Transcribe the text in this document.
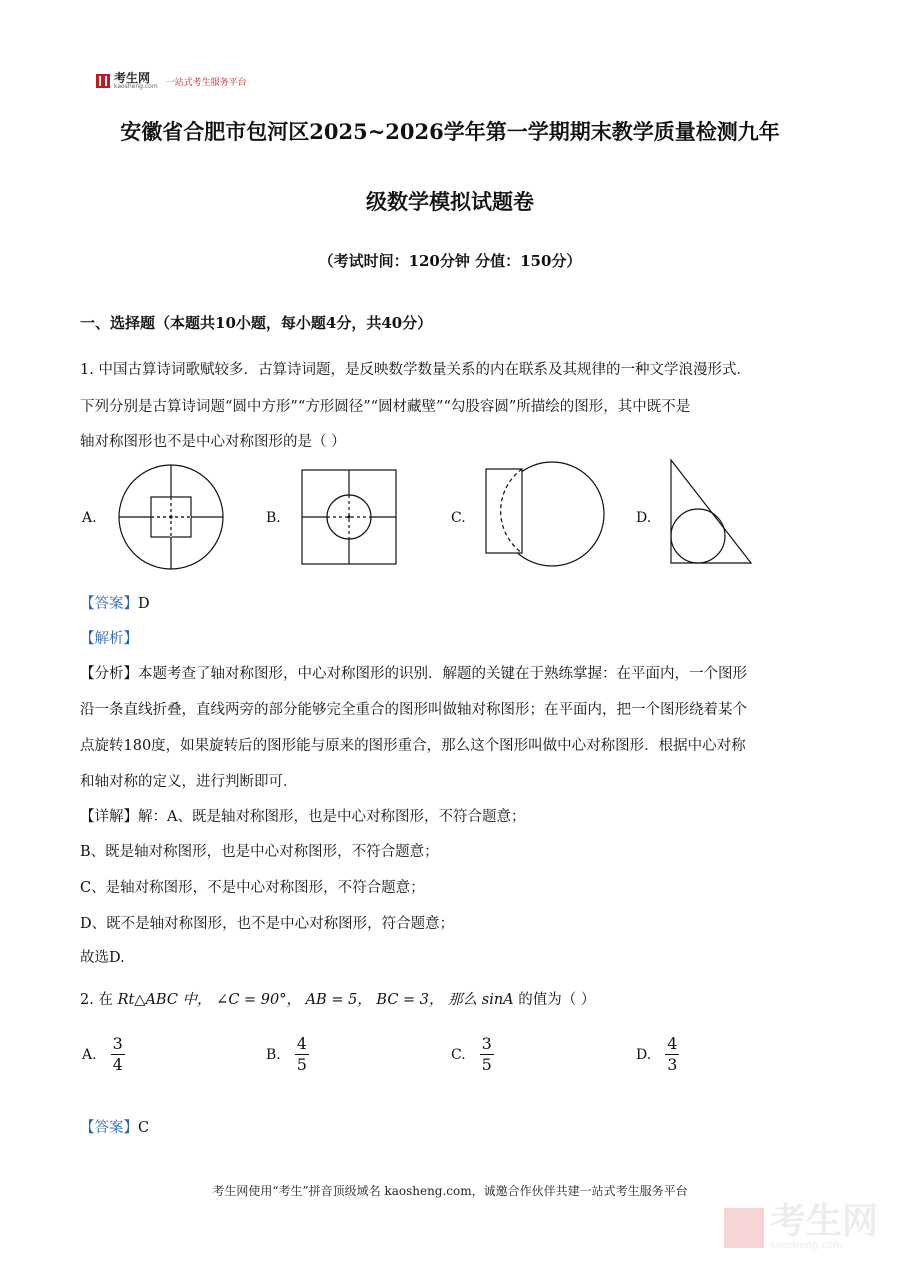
考生网
kaosheng.com 一站式考生服务平台
安徽省合肥市包河区2025~2026学年第一学期期末教学质量检测九年
级数学模拟试题卷
（考试时间：120分钟 分值：150分）
一、选择题（本题共10小题，每小题4分，共40分）
1. 中国古算诗词歌赋较多．古算诗词题，是反映数学数量关系的内在联系及其规律的一种文学浪漫形式．
下列分别是古算诗词题“圆中方形”“方形圆径”“圆材藏壁”“勾股容圆”所描绘的图形，其中既不是
轴对称图形也不是中心对称图形的是（ ）
A.	B.	C.	D.
【答案】D
【解析】
【分析】本题考查了轴对称图形，中心对称图形的识别．解题的关键在于熟练掌握：在平面内，一个图形
沿一条直线折叠，直线两旁的部分能够完全重合的图形叫做轴对称图形；在平面内，把一个图形绕着某个
点旋转180度，如果旋转后的图形能与原来的图形重合，那么这个图形叫做中心对称图形．根据中心对称
和轴对称的定义，进行判断即可．
【详解】解：A、既是轴对称图形，也是中心对称图形，不符合题意；
B、既是轴对称图形，也是中心对称图形，不符合题意；
C、是轴对称图形，不是中心对称图形，不符合题意；
D、既不是轴对称图形，也不是中心对称图形，符合题意；
故选D.
2. 在 Rt△ABC 中， ∠C = 90°， AB = 5， BC = 3， 那么 sinA 的值为（ ）
A. $\frac{3}{4}$	B. $\frac{4}{5}$	C. $\frac{3}{5}$	D. $\frac{4}{3}$
【答案】C
考生网使用“考生”拼音顶级域名 kaosheng.com，诚邀合作伙伴共建一站式考生服务平台
考生网
kaosheng.com
